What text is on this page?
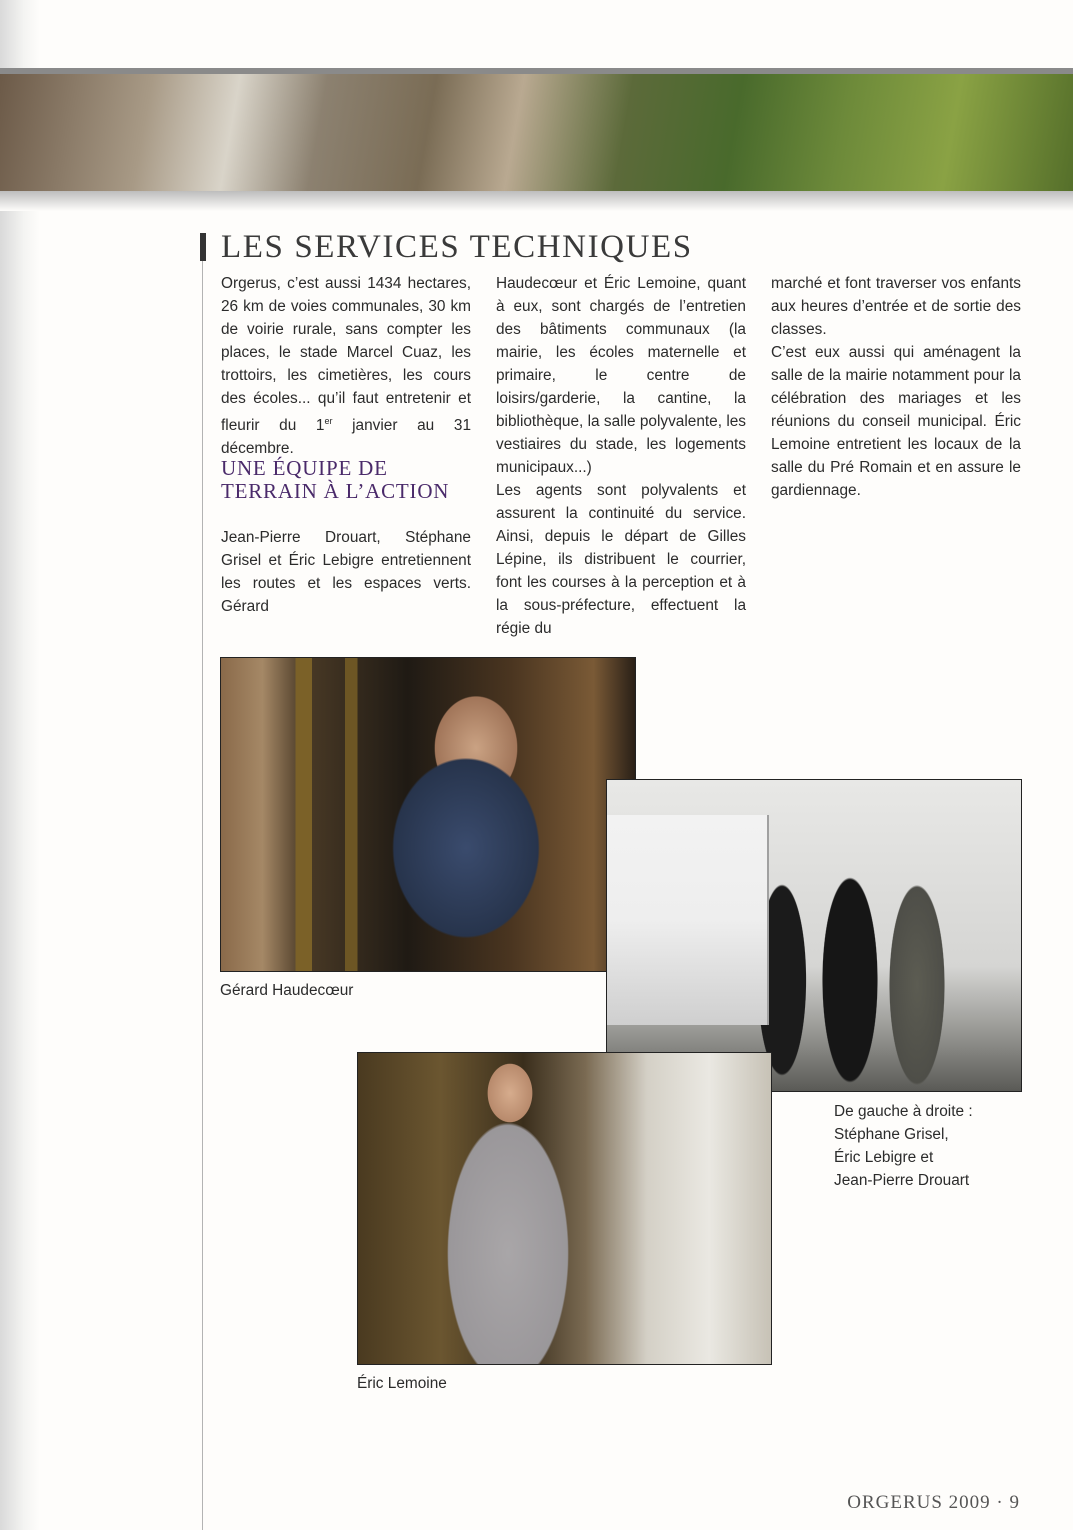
LES SERVICES TECHNIQUES

Orgerus, c’est aussi 1434 hectares, 26 km de voies communales, 30 km de voirie rurale, sans compter les places, le stade Marcel Cuaz, les trottoirs, les cimetières, les cours des écoles... qu’il faut entretenir et fleurir du 1er janvier au 31 décembre.

UNE ÉQUIPE DE
TERRAIN À L’ACTION

Jean-Pierre Drouart, Stéphane Grisel et Éric Lebigre entretiennent les routes et les espaces verts. Gérard

Haudecœur et Éric Lemoine, quant à eux, sont chargés de l’entretien des bâtiments communaux (la mairie, les écoles maternelle et primaire, le centre de loisirs/garderie, la cantine, la bibliothèque, la salle polyvalente, les vestiaires du stade, les logements municipaux...)

Les agents sont polyvalents et assurent la continuité du service. Ainsi, depuis le départ de Gilles Lépine, ils distribuent le courrier, font les courses à la perception et à la sous-préfecture, effectuent la régie du

marché et font traverser vos enfants aux heures d’entrée et de sortie des classes.

C’est eux aussi qui aménagent la salle de la mairie notamment pour la célébration des mariages et les réunions du conseil municipal. Éric Lemoine entretient les locaux de la salle du Pré Romain et en assure le gardiennage.

Gérard Haudecœur
De gauche à droite :
Stéphane Grisel,
Éric Lebigre et
Jean-Pierre Drouart
Éric Lemoine
ORGERUS 2009 · 9
